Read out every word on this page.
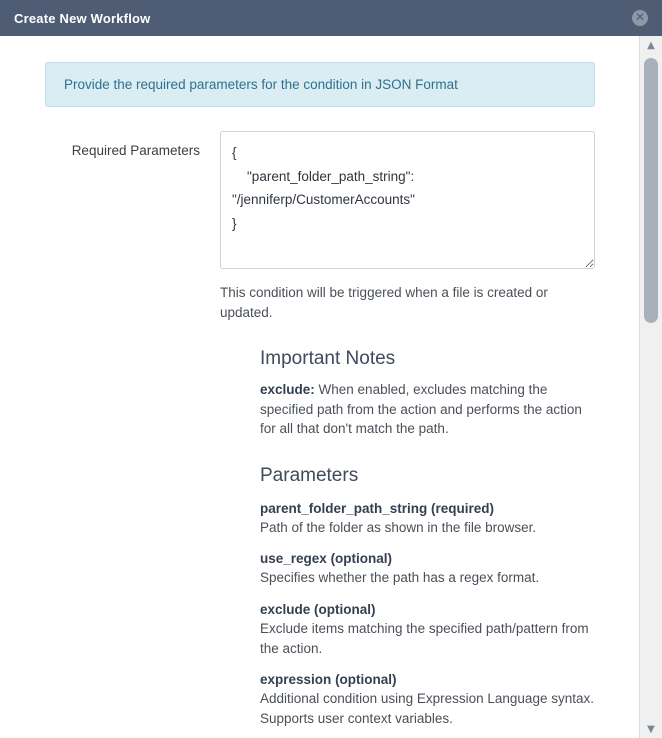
Create New Workflow	✕
Provide the required parameters for the condition in JSON Format
Required Parameters
{ "parent_folder_path_string": "/jenniferp/CustomerAccounts" }
This condition will be triggered when a file is created or updated.
Important Notes
exclude: When enabled, excludes matching the specified path from the action and performs the action for all that don't match the path.
Parameters
parent_folder_path_string (required)
Path of the folder as shown in the file browser.
use_regex (optional)
Specifies whether the path has a regex format.
exclude (optional)
Exclude items matching the specified path/pattern from the action.
expression (optional)
Additional condition using Expression Language syntax. Supports user context variables.
▲
▼
